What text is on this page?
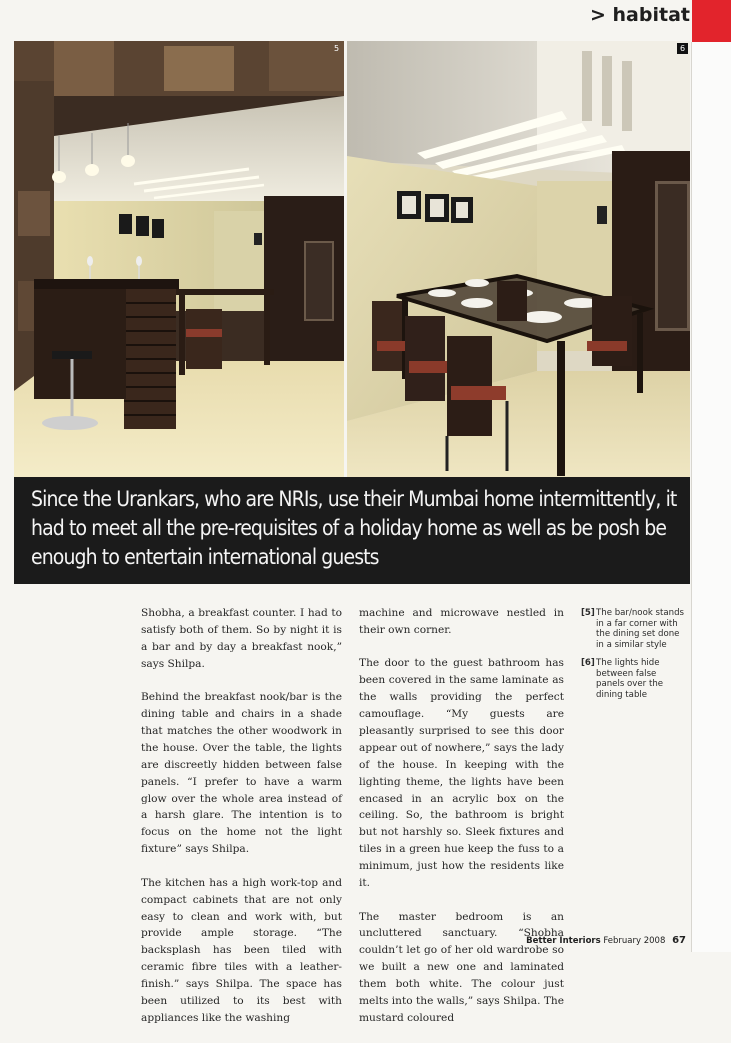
> habitat
5	6
Since the Urankars, who are NRIs, use their Mumbai home intermittently, it had to meet all the pre-requisites of a holiday home as well as be posh be enough to entertain international guests

Shobha, a breakfast counter. I had to satisfy both of them. So by night it is a bar and by day a breakfast nook,” says Shilpa.

Behind the breakfast nook/bar is the dining table and chairs in a shade that matches the other woodwork in the house. Over the table, the lights are discreetly hidden between false panels. “I prefer to have a warm glow over the whole area instead of a harsh glare. The intention is to focus on the home not the light fixture” says Shilpa.

The kitchen has a high work-top and compact cabinets that are not only easy to clean and work with, but provide ample storage. “The backsplash has been tiled with ceramic fibre tiles with a leather-finish.” says Shilpa. The space has been utilized to its best with appliances like the washing

machine and microwave nestled in their own corner.

The door to the guest bathroom has been covered in the same laminate as the walls providing the perfect camouflage. “My guests are pleasantly surprised to see this door appear out of nowhere,” says the lady of the house. In keeping with the lighting theme, the lights have been encased in an acrylic box on the ceiling. So, the bathroom is bright but not harshly so. Sleek fixtures and tiles in a green hue keep the fuss to a minimum, just how the residents like it.

The master bedroom is an uncluttered sanctuary. “Shobha couldn’t let go of her old wardrobe so we built a new one and laminated them both white. The colour just melts into the walls,” says Shilpa. The mustard coloured

[5] The bar/nook stands in a far corner with the dining set done in a similar style
[6] The lights hide between false panels over the dining table
Better Interiors February 2008 67
